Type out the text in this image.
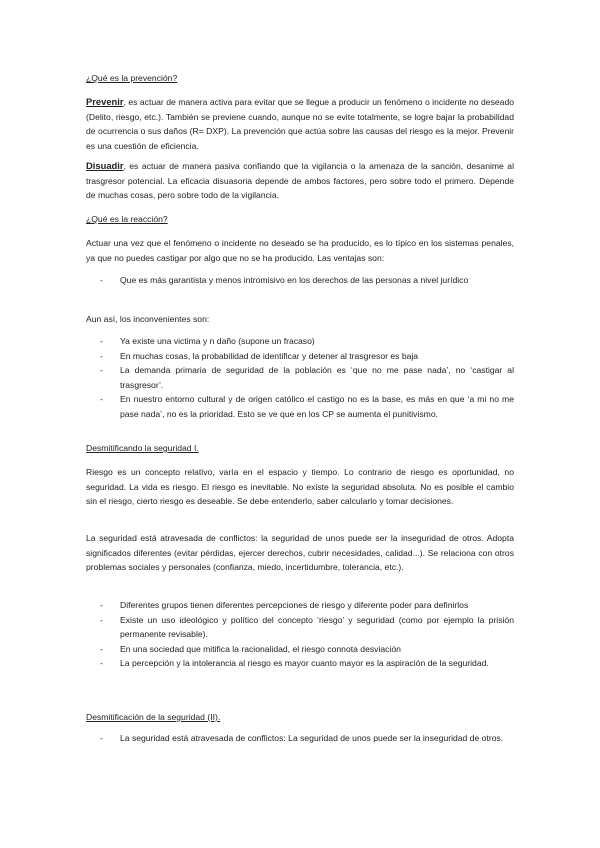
¿Qué es la prevención?

Prevenir, es actuar de manera activa para evitar que se llegue a producir un fenómeno o incidente no deseado (Delito, riesgo, etc.). También se previene cuando, aunque no se evite totalmente, se logre bajar la probabilidad de ocurrencia o sus daños (R= DXP). La prevención que actúa sobre las causas del riesgo es la mejor. Prevenir es una cuestión de eficiencia.

Disuadir, es actuar de manera pasiva confiando que la vigilancia o la amenaza de la sanción, desanime al trasgresor potencial. La eficacia disuasoria depende de ambos factores, pero sobre todo el primero. Depende de muchas cosas, pero sobre todo de la vigilancia.

¿Qué es la reacción?

Actuar una vez que el fenómeno o incidente no deseado se ha producido, es lo típico en los sistemas penales, ya que no puedes castigar por algo que no se ha producido. Las ventajas son:

- Que es más garantista y menos intromisivo en los derechos de las personas a nivel jurídico
Aun así, los inconvenientes son:
- Ya existe una victima y n daño (supone un fracaso)
- En muchas cosas, la probabilidad de identificar y detener al trasgresor es baja
- La demanda primaria de seguridad de la población es ‘que no me pase nada’, no ‘castigar al trasgresor’.
- En nuestro entorno cultural y de origen católico el castigo no es la base, es más en que ‘a mi no me pase nada’, no es la prioridad. Esto se ve que en los CP se aumenta el punitivismo.
Desmitificando la seguridad I.

Riesgo es un concepto relativo, varía en el espacio y tiempo. Lo contrario de riesgo es oportunidad, no seguridad. La vida es riesgo. El riesgo es inevitable. No existe la seguridad absoluta. No es posible el cambio sin el riesgo, cierto riesgo es deseable. Se debe entenderlo, saber calcularlo y tomar decisiones.

La seguridad está atravesada de conflictos: la seguridad de unos puede ser la inseguridad de otros. Adopta significados diferentes (evitar pérdidas, ejercer derechos, cubrir necesidades, calidad...). Se relaciona con otros problemas sociales y personales (confianza, miedo, incertidumbre, tolerancia, etc.).

- Diferentes grupos tienen diferentes percepciones de riesgo y diferente poder para definirlos
- Existe un uso ideológico y político del concepto ‘riesgo’ y seguridad (como por ejemplo la prisión permanente revisable).
- En una sociedad que mitifica la racionalidad, el riesgo connota desviación
- La percepción y la intolerancia al riesgo es mayor cuanto mayor es la aspiración de la seguridad.
Desmitificación de la seguridad (II).
- La seguridad está atravesada de conflictos: La seguridad de unos puede ser la inseguridad de otros.
